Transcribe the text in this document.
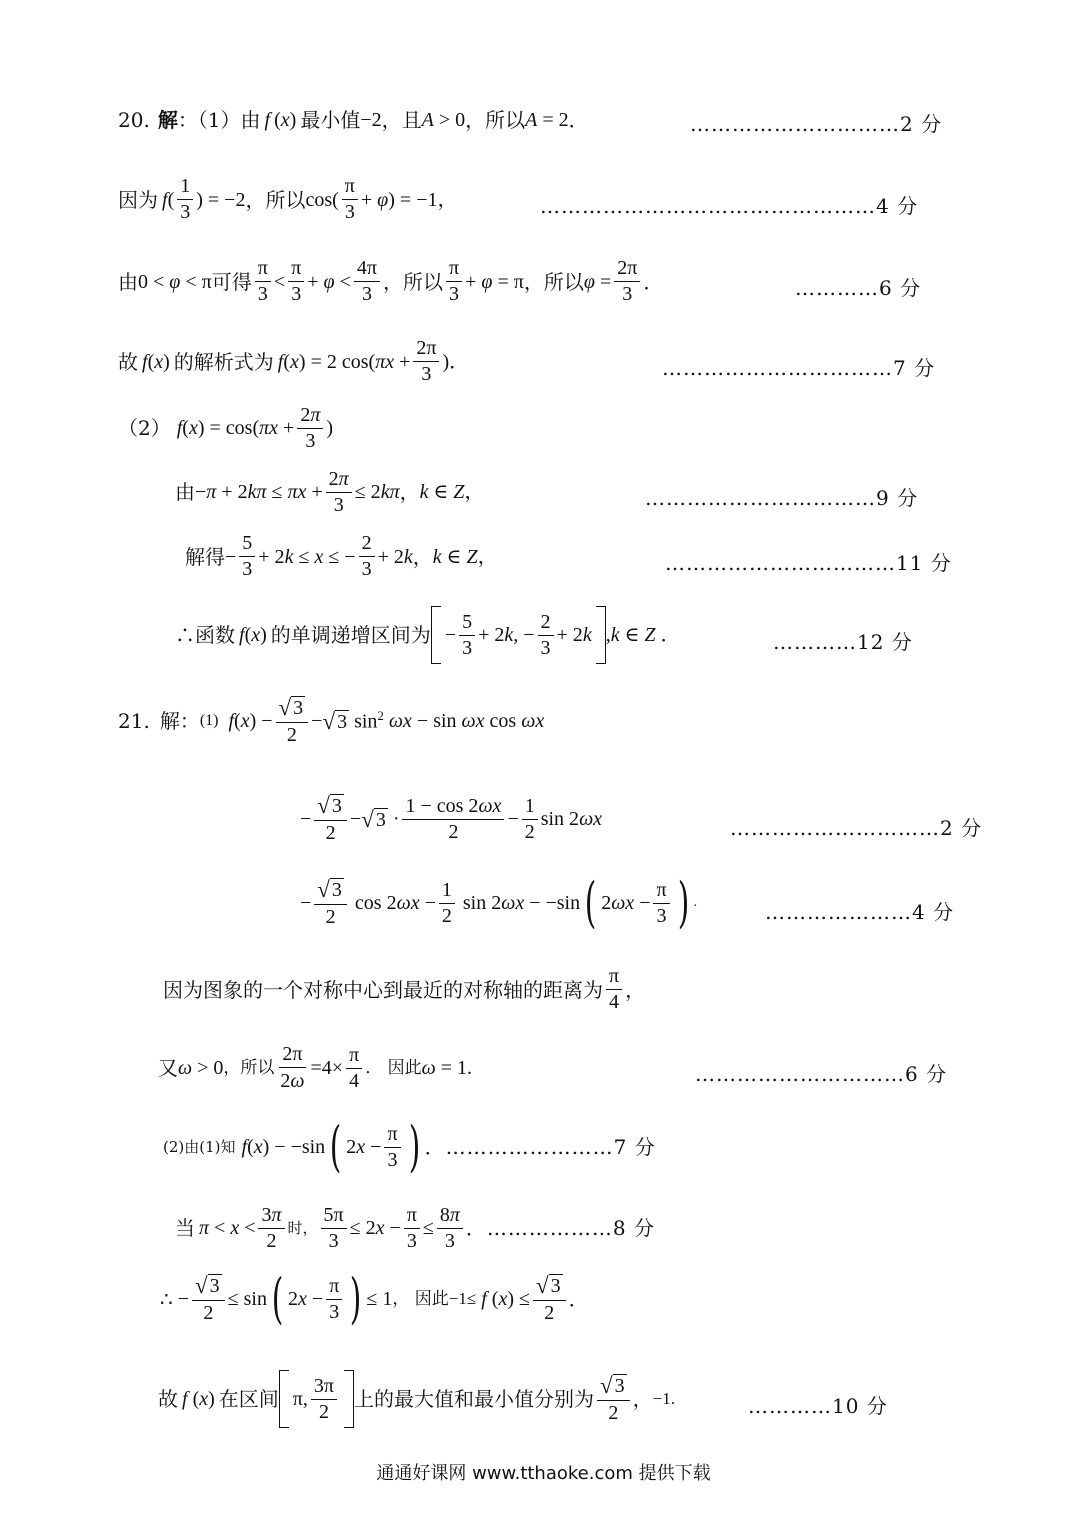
20. 解 ：（1）由 f ( x ) 最小值 −2 ，且 A > 0 ，所以 A = 2 ．	…………………………2 分
因为 f ( $\frac{1}{3}$ ) = −2 ，所以 $\cos( \frac{\pi}{3} + \varphi$ ) = −1，	…………………………………………4 分
由 0 < φ < π 可得 $\frac{\pi}{3} < \frac{\pi}{3} + \varphi < \frac{4\pi}{3}$ ，所以 $\frac{\pi}{3} + \varphi = \pi$ ，所以 $\varphi = \frac{2\pi}{3}$ ．	…………6 分
故 f ( x ) 的解析式为 f ( x ) = 2 cos( $\pi x + \frac{2\pi}{3}$ )．	……………………………7 分
（2） f ( x ) = cos( $\pi x + \frac{2\pi}{3}$ )
由 − π + 2 $k\pi \le \pi x + \frac{2\pi}{3} \le 2$ kπ ， k ∈ Z ，	……………………………9 分
解得 − $\frac{5}{3} + 2$ k ≤ x ≤ − $\frac{2}{3} + 2$ k ， k ∈ Z ，	……………………………11 分
∴函数 f ( x ) 的单调递增区间为 − $\frac{5}{3} + 2$ k , − $\frac{2}{3} + 2$ k , k ∈ Z ．	…………12 分
21. 解： (1) f ( x ) − $\frac{√ 3}{2}$ − √ 3 $\sin^2 \omega x - \sin \omega x$ cos ωx
− $\frac{√ 3}{2}$ − √ $3 \cdot \frac{1 - \cos 2\omega x}{2} - \frac{1}{2}$ sin 2 ωx	…………………………2 分
− $\frac{√ 3}{2}$ cos 2 $\omega x - \frac{1}{2}$ sin 2 ωx − −sin ( 2 $\omega x - \frac{\pi}{3}$ ) .	…………………4 分
因为图象的一个对称中心到最近的对称轴的距离为 $\frac{\pi}{4}$ ，
又 ω > 0 ，所以 $\frac{2\pi}{2\omega} =4\times \frac{\pi}{4}$ ． 因此 ω = 1.	…………………………6 分
(2)由(1)知 f ( x ) − −sin ( 2 $x - \frac{\pi}{3}$ ) ．……………………7 分
当 $\pi < x < \frac{3\pi}{2}$ 时， $\frac{5\pi}{3} \le 2$ $x - \frac{\pi}{3} \le \frac{8\pi}{3}$ ．………………8 分
∴ − $\frac{√ 3}{2} \le \sin$ ( 2 $x - \frac{\pi}{3}$ ) ≤ 1 ， 因此 −1≤ f ( x ) ≤ $\frac{√ 3}{2}$ ．
故 f ( x ) 在区间 π, $\frac{3\pi}{2}$ 上的最大值和最小值分别为 $\frac{√ 3}{2}$ ， −1.	…………10 分
通通好课网 www.tthaoke.com 提供下载
